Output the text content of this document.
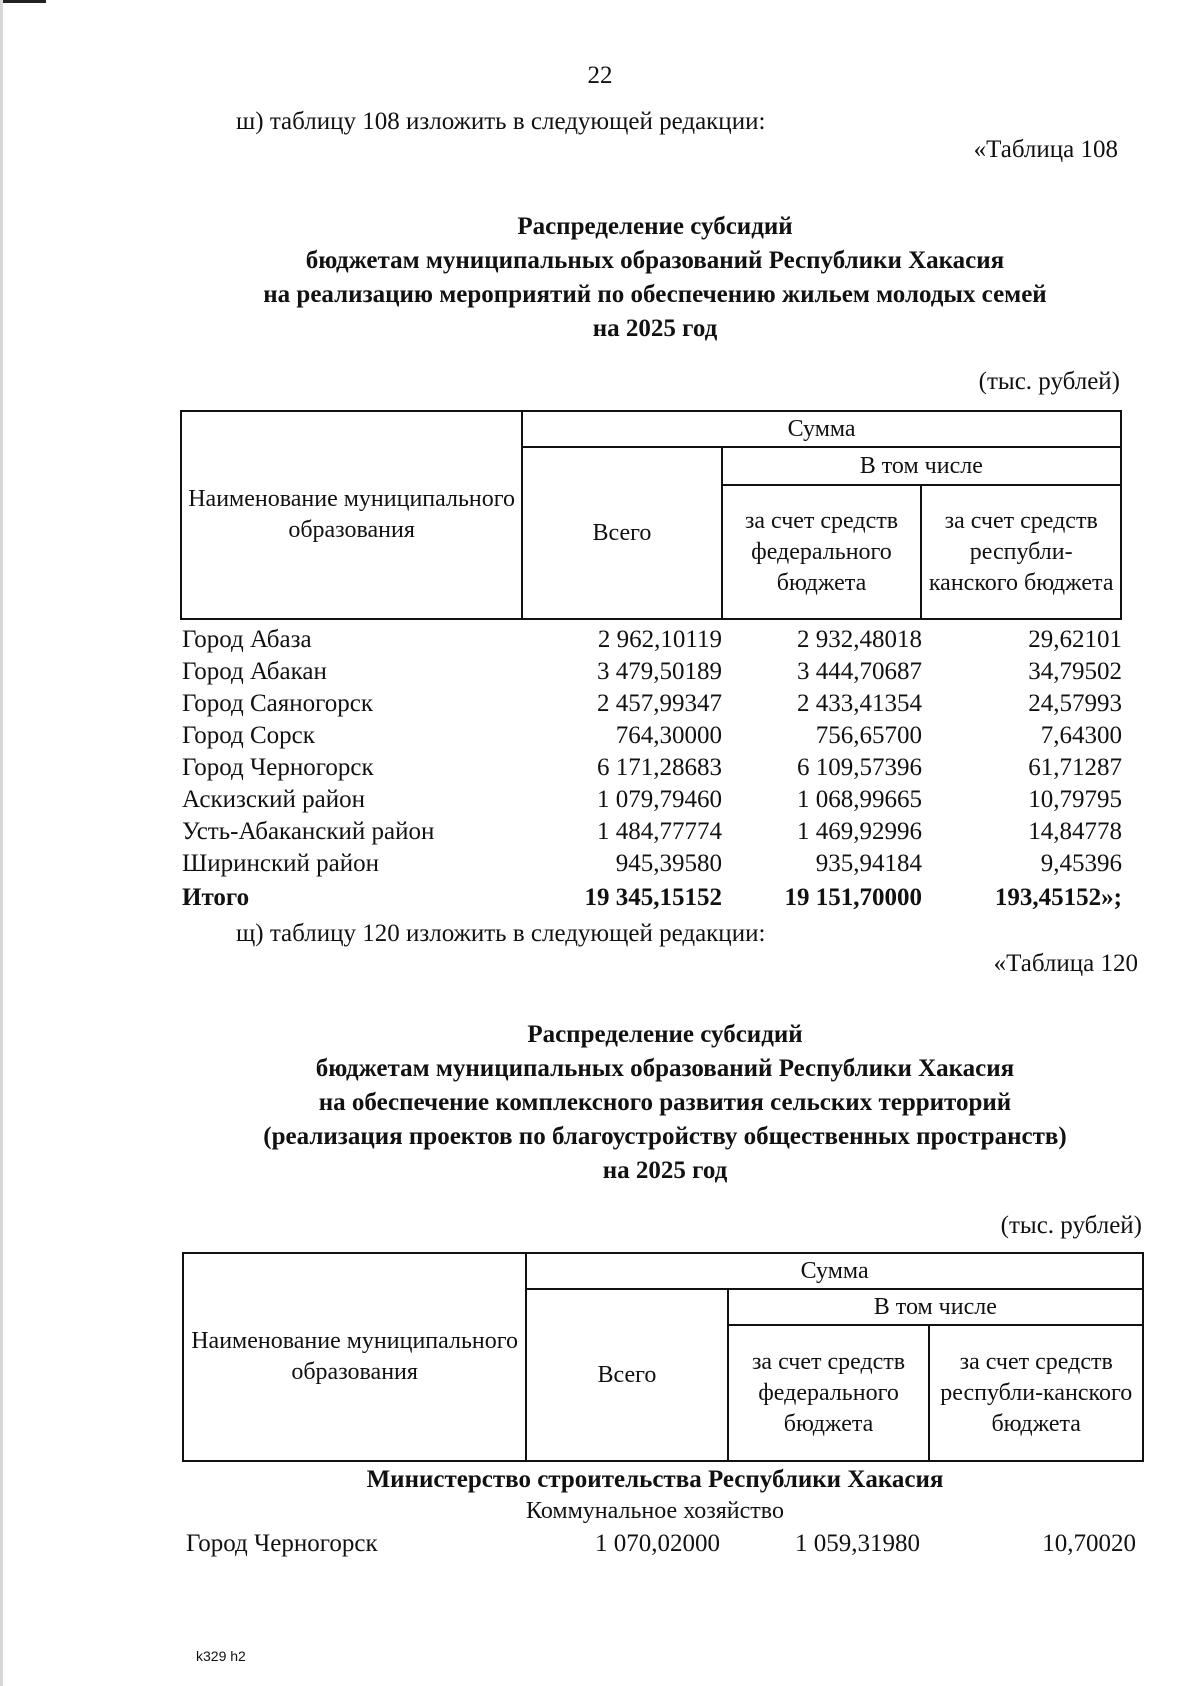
22
ш) таблицу 108 изложить в следующей редакции:
«Таблица 108
Распределение субсидий
бюджетам муниципальных образований Республики Хакасия
на реализацию мероприятий по обеспечению жильем молодых семей
на 2025 год
(тыс. рублей)
Наименование муниципального образования	Сумма		
	Всего	В том числе	
		за счет средств федерального бюджета	за счет средств республи-канского бюджета
Город Абаза	2 962,10119	2 932,48018	29,62101
Город Абакан	3 479,50189	3 444,70687	34,79502
Город Саяногорск	2 457,99347	2 433,41354	24,57993
Город Сорск	764,30000	756,65700	7,64300
Город Черногорск	6 171,28683	6 109,57396	61,71287
Аскизский район	1 079,79460	1 068,99665	10,79795
Усть-Абаканский район	1 484,77774	1 469,92996	14,84778
Ширинский район	945,39580	935,94184	9,45396
Итого	19 345,15152	19 151,70000	193,45152»;
щ) таблицу 120 изложить в следующей редакции:
«Таблица 120
Распределение субсидий
бюджетам муниципальных образований Республики Хакасия
на обеспечение комплексного развития сельских территорий
(реализация проектов по благоустройству общественных пространств)
на 2025 год
(тыс. рублей)
Наименование муниципального образования	Сумма		
	Всего	В том числе	
		за счет средств федерального бюджета	за счет средств республи-канского бюджета
Министерство строительства Республики Хакасия
Коммунальное хозяйство
Город Черногорск	1 070,02000	1 059,31980	10,70020
k329 h2
